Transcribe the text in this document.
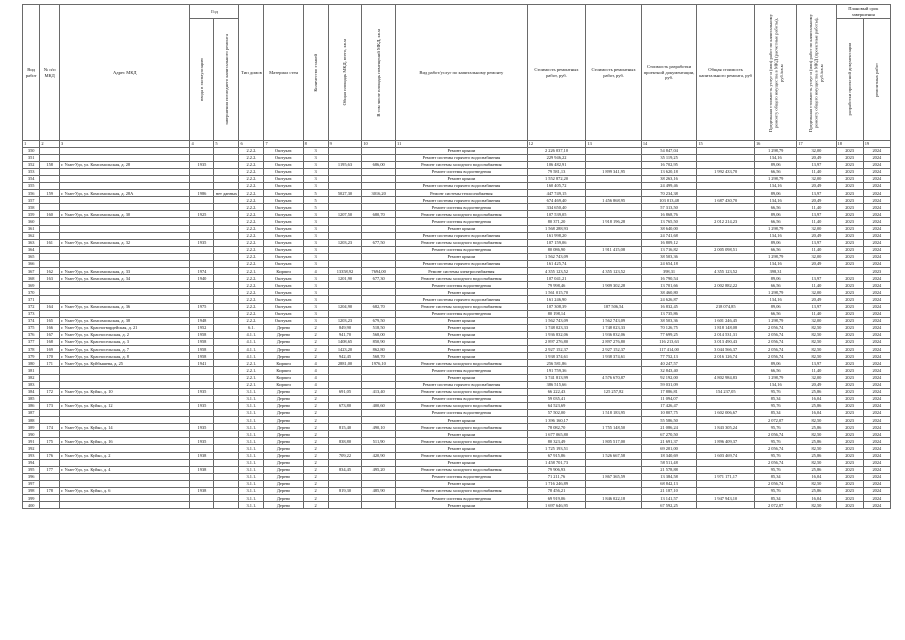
Вид работ	№ п/п МКД	Адрес МКД	Год		Тип домов	Материал стен	Количество этажей	Общая площадь МКД, всего, кв.м	В том числе площадь помещений МКД, кв.м	Вид работ/услуг по капитальному ремонту	Стоимость ремонтных работ, руб.	Стоимость ремонтных работ, руб.	Стоимость разработки проектной документации, руб.	Общая стоимость капитального ремонта, руб	Предельная стоимость услуг и (или) работ по капитальному ремонту общего имущества в МКД (расчетные работы), руб./кв.м	Предельная стоимость услуг и (или) работ по капитальному ремонту общего имущества в МКД (проектные работы), руб./кв.м	Плановый срок завершения	

			ввода в эксплуатацию	завершения последнего капитального ремонта													разработки проектной документации	ремонтных работ

1	2	3	4	5	6	7	8	9	10	11	12	13	14	15	16	17	18	19
350					2.2.2.	Оштукат.	3			Ремонт крыши	2 226 037,10		54 847,04		1 298,79	32,00	2023	2024
351					2.2.2.	Оштукат.	3			Ремонт системы горячего водоснабжения	229 946,22		35 119,25		134,16	20,49	2023	2024
352	158	г. Улан-Удэ, ул. Комсомольская, д. 28	1935		2.2.2.	Оштукат.	3	1195,63	686,00	Ремонт системы холодного водоснабжения	106 482,91		16 702,95		89,06	13,97	2023	2024
353					2.2.2.	Оштукат.	3			Ремонт системы водоотведения	79 581,13	1 899 341,95	13 620,18	1 992 433,70	66,56	11,40	2023	2024
354					2.2.2.	Оштукат.	3			Ремонт крыши	1 552 872,20		38 263,16		1 298,79	32,00	2023	2024
355					2.2.2.	Оштукат.	3			Ремонт системы горячего водоснабжения	160 405,72		24 499,46		134,16	20,49	2023	2024
356	159	г. Улан-Удэ, ул. Комсомольская, д. 28А	1986	нет данных	2.2.2.	Оштукат.	5	5027,30	3016,20	Ремонт системы теплоснабжения	447 749,15		70 234,38		89,06	13,97	2023	2024
357					2.2.2.	Оштукат.	5			Ремонт системы горячего водоснабжения	674 469,40	1 456 868,95	103 013,48	1 687 430,70	134,16	20,49	2023	2024
358					2.2.2.	Оштукат.	5			Ремонт системы водоотведения	334 650,40		57 313,50		66,56	11,40	2023	2024
359	160	г. Улан-Удэ, ул. Комсомольская, д. 30	1925		2.2.2.	Оштукат.	3	1207,50	680,70	Ремонт системы холодного водоснабжения	107 539,05		16 868,76		89,06	13,97	2023	2024
360					2.2.2.	Оштукат.	3			Ремонт системы водоотведения	80 371,20	1 918 196,28	13 765,50	2 012 214,23	66,56	11,40	2023	2024
361					2.2.2.	Оштукат.	3			Ремонт крыши	1 568 288,93		38 640,00		1 298,79	32,00	2023	2024
362					2.2.2.	Оштукат.	3			Ремонт системы горячего водоснабжения	161 998,20		24 741,68		134,16	20,49	2023	2024
363	161	г. Улан-Удэ, ул. Комсомольская, д. 32	1935		2.2.2.	Оштукат.	3	1203,23	677,50	Ремонт системы холодного водоснабжения	107 159,06		16 809,12		89,06	13,97	2023	2024
364					2.2.2.	Оштукат.	3			Ремонт системы водоотведения	80 086,90	1 911 415,08	13 716,82	2 005 098,51	66,56	11,40	2023	2024
365					2.2.2.	Оштукат.	3			Ремонт крыши	1 562 743,09		38 503,36		1 298,79	32,00	2023	2024
366					2.2.2.	Оштукат.	3			Ремонт системы горячего водоснабжения	161 425,74		24 654,18		134,16	20,49	2023	2024
367	162	г. Улан-Удэ, ул. Комсомольская, д. 33	1974		2.2.1.	Кирпич	4	13358,92	7694,00	Ремонт системы электроснабжения	4 355 123,52	4 355 123,52	398,31	4 355 123,52	398,31			2023
368	163	г. Улан-Удэ, ул. Комсомольская, д. 34	1940		2.2.2.	Оштукат.	3	1201,90	677,30	Ремонт системы холодного водоснабжения	107 041,21		16 790,54		89,06	13,97	2023	2024
369					2.2.2.	Оштукат.	3			Ремонт системы водоотведения	79 998,46	1 909 302,28	13 701,66	2 002 882,22	66,56	11,40	2023	2024
370					2.2.2.	Оштукат.	3			Ремонт крыши	1 561 015,70		38 460,80		1 298,79	32,00	2023	2024
371					2.2.2.	Оштукат.	3			Ремонт системы горячего водоснабжения	161 246,90		24 626,87		134,16	20,49	2023	2024
372	164	г. Улан-Удэ, ул. Комсомольская, д. 36	1975		2.2.2.	Оштукат.	3	1204,90	682,70	Ремонт системы холодного водоснабжения	107 308,39	187 506,54	16 832,45	218 074,85	89,06	13,97	2023	2024
373					2.2.2.	Оштукат.	3			Ремонт системы водоотведения	80 198,14		13 735,86		66,56	11,40	2023	2024
374	165	г. Улан-Удэ, ул. Комсомольская, д. 38	1948		2.2.2.	Оштукат.	3	1203,23	679,50	Ремонт крыши	1 562 743,09	1 562 743,09	38 503,36	1 601 246,45	1 298,79	32,00	2023	2024
375	166	г. Улан-Удэ, ул. Красногвардейская, д. 21	1952		6.1.	Дерево	2	849,90	518,50	Ремонт крыши	1 748 023,33	1 748 023,33	70 126,75	1 818 148,08	2 056,74	82,50	2023	2024
376	167	г. Улан-Удэ, ул. Красносельская, д. 2	1958		4.1.1.	Дерево	2	941,70	568,00	Ремонт крыши	1 936 832,06	1 936 832,06	77 699,25	2 014 531,31	2 056,74	82,50	2023	2024
377	168	г. Улан-Удэ, ул. Красносельская, д. 3	1958		4.1.1.	Дерево	2	1408,65	850,90	Ремонт крыши	2 897 276,80	2 897 276,80	116 213,63	3 013 490,43	2 056,74	82,50	2023	2024
378	169	г. Улан-Удэ, ул. Красносельская, д. 7	1958		4.1.1.	Дерево	2	1423,20	862,80	Ремонт крыши	2 927 152,37	2 927 152,37	117 414,00	3 044 566,37	2 056,74	82,50	2023	2024
379	170	г. Улан-Удэ, ул. Красносельская, д. 8	1958		4.1.1.	Дерево	2	942,45	568,70	Ремонт крыши	1 938 374,61	1 938 374,61	77 752,13	2 016 126,74	2 056,74	82,50	2023	2024
380	171	г. Улан-Удэ, ул. Куйбышева, д. 25	1941		2.2.1.	Кирпич	4	2881,00	1976,10	Ремонт системы холодного водоснабжения	256 581,86		40 247,57		89,06	13,97	2023	2024
381					2.2.1.	Кирпич	4			Ремонт системы водоотведения	191 759,36		32 843,40		66,56	11,40	2023	2024
382					2.2.1.	Кирпич	4			Ремонт крыши	3 741 813,99	4 576 670,87	92 192,00	4 802 984,83	1 298,79	32,00	2023	2024
383					2.2.1.	Кирпич	4			Ремонт системы горячего водоснабжения	386 515,66		59 031,09		134,16	20,49	2023	2024
384	172	г. Улан-Удэ, ул. Куйко, д. 10	1935		3.1.1.	Дерево	2	691,05	413,40	Ремонт системы холодного водоснабжения	66 222,43	125 257,82	17 886,81	154 237,05	95,76	25,86	2023	2024
385					3.1.1.	Дерево	2			Ремонт системы водоотведения	59 035,41		11 094,07		85,34	16,04	2023	2024
386	173	г. Улан-Удэ, ул. Куйко, д. 12	1935		3.1.1.	Дерево	2	673,80	400,60	Ремонт системы холодного водоснабжения	64 523,69		17 426,47		95,76	25,86	2023	2024
387					3.1.1.	Дерево	2			Ремонт системы водоотведения	57 502,00	1 518 183,95	10 807,75	1 602 006,67	85,34	16,04	2023	2024
388					3.1.1.	Дерево	2			Ремонт крыши	1 396 160,17		55 586,50		2 072,07	82,50	2023	2024
389	174	г. Улан-Удэ, ул. Куйко, д. 14	1935		3.1.1.	Дерево	2	815,40	490,10	Ремонт системы холодного водоснабжения	78 082,70	1 755 148,50	21 086,24	1 843 305,24	95,76	25,86	2023	2024
390					3.1.1.	Дерево	2			Ремонт крыши	1 677 065,80		67 270,50		2 056,74	82,50	2023	2024
391	175	г. Улан-Удэ, ул. Куйко, д. 16	1935		3.1.1.	Дерево	2	838,80	511,90	Ремонт системы холодного водоснабжения	80 323,49	1 805 517,00	21 691,37	1 896 409,37	95,76	25,86	2023	2024
392					3.1.1.	Дерево	2			Ремонт крыши	1 725 193,51		69 201,00		2 056,74	82,50	2023	2024
393	176	г. Улан-Удэ, ул. Куйко, д. 2	1938		3.1.1.	Дерево	2	709,22	420,90	Ремонт системы холодного водоснабжения	67 915,86	1 526 667,58	18 340,69	1 603 469,74	95,76	25,86	2023	2024
394					3.1.1.	Дерево	2			Ремонт крыши	1 458 701,73		58 511,48		2 056,74	82,50	2023	2024
395	177	г. Улан-Удэ, ул. Куйко, д. 4	1938		3.1.1.	Дерево	2	834,45	495,20	Ремонт системы холодного водоснабжения	79 906,93		21 578,88		95,76	25,86	2023	2024
396					3.1.1.	Дерево	2			Ремонт системы водоотведения	71 211,76	1 867 365,59	13 384,58	1 971 171,17	85,34	16,04	2023	2024
397					3.1.1.	Дерево	2			Ремонт крыши	1 716 246,89		68 842,13		2 056,74	82,50	2023	2024
398	178	г. Улан-Удэ, ул. Куйко, д. 6	1938		3.1.1.	Дерево	2	819,30	485,90	Ремонт системы холодного водоснабжения	78 456,21		21 187,10		95,76	25,86	2023	2024
399					3.1.1.	Дерево	2			Ремонт системы водоотведения	69 919,06	1 846 022,18	13 141,57	1 947 943,10	85,34	16,04	2023	2024
400					3.1.1.	Дерево	2			Ремонт крыши	1 697 646,95		67 592,25		2 072,07	82,50	2023	2024
